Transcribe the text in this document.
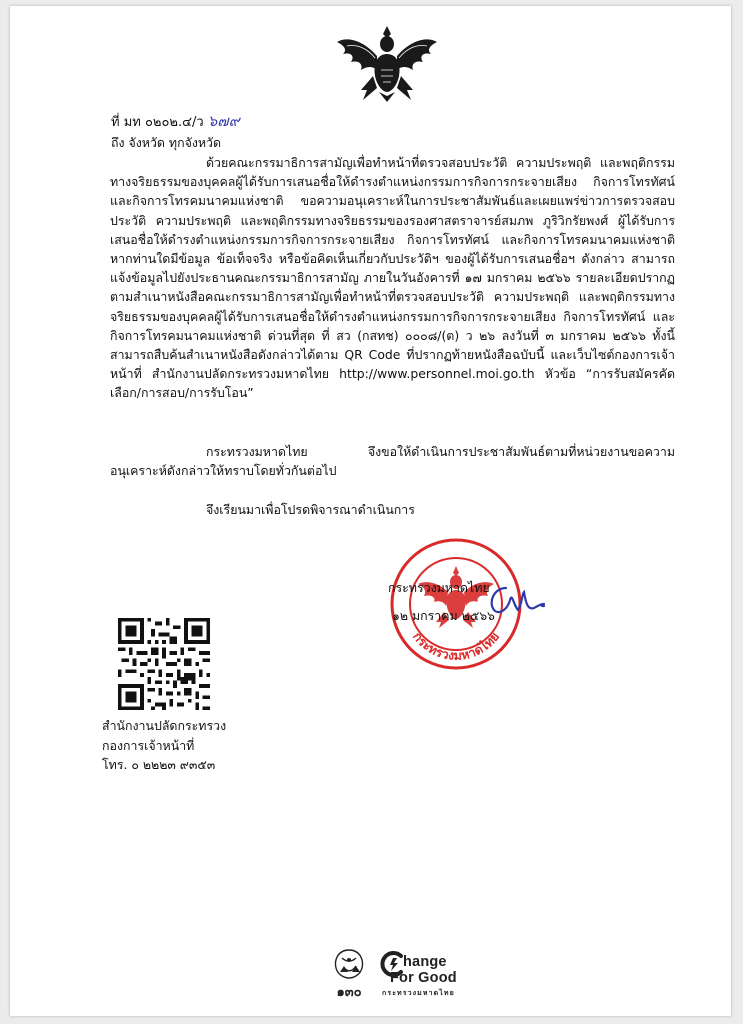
ที่ มท ๐๒๐๒.๔/ว ๖๗๙
ถึง จังหวัด ทุกจังหวัด
ด้วยคณะกรรมาธิการสามัญเพื่อทำหน้าที่ตรวจสอบประวัติ ความประพฤติ และพฤติกรรมทางจริยธรรมของบุคคลผู้ได้รับการเสนอชื่อให้ดำรงตำแหน่งกรรมการกิจการกระจายเสียง กิจการโทรทัศน์ และกิจการโทรคมนาคมแห่งชาติ ขอความอนุเคราะห์ในการประชาสัมพันธ์และเผยแพร่ข่าวการตรวจสอบประวัติ ความประพฤติ และพฤติกรรมทางจริยธรรมของรองศาสตราจารย์สมภพ ภูริวิกรัยพงศ์ ผู้ได้รับการเสนอชื่อให้ดำรงตำแหน่งกรรมการกิจการกระจายเสียง กิจการโทรทัศน์ และกิจการโทรคมนาคมแห่งชาติ หากท่านใดมีข้อมูล ข้อเท็จจริง หรือข้อคิดเห็นเกี่ยวกับประวัติฯ ของผู้ได้รับการเสนอชื่อฯ ดังกล่าว สามารถแจ้งข้อมูลไปยังประธานคณะกรรมาธิการสามัญ ภายในวันอังคารที่ ๑๗ มกราคม ๒๕๖๖ รายละเอียดปรากฏตามสำเนาหนังสือคณะกรรมาธิการสามัญเพื่อทำหน้าที่ตรวจสอบประวัติ ความประพฤติ และพฤติกรรมทางจริยธรรมของบุคคลผู้ได้รับการเสนอชื่อให้ดำรงตำแหน่งกรรมการกิจการกระจายเสียง กิจการโทรทัศน์ และกิจการโทรคมนาคมแห่งชาติ ด่วนที่สุด ที่ สว (กสทช) ๐๐๐๘/(ต) ว ๒๖ ลงวันที่ ๓ มกราคม ๒๕๖๖ ทั้งนี้ สามารถสืบค้นสำเนาหนังสือดังกล่าวได้ตาม QR Code ที่ปรากฏท้ายหนังสือฉบับนี้ และเว็บไซต์กองการเจ้าหน้าที่ สำนักงานปลัดกระทรวงมหาดไทย http://www.personnel.moi.go.th หัวข้อ “การรับสมัครคัดเลือก/การสอบ/การรับโอน”
กระทรวงมหาดไทย จึงขอให้ดำเนินการประชาสัมพันธ์ตามที่หน่วยงานขอความอนุเคราะห์ดังกล่าวให้ทราบโดยทั่วกันต่อไป
จึงเรียนมาเพื่อโปรดพิจารณาดำเนินการ
กระทรวงมหาดไทย
กระทรวงมหาดไทย
๑๒ มกราคม ๒๕๖๖
สำนักงานปลัดกระทรวง
กองการเจ้าหน้าที่
โทร. ๐ ๒๒๒๓ ๙๓๕๓
๑๓๐
hange
For Good
กระทรวงมหาดไทย
